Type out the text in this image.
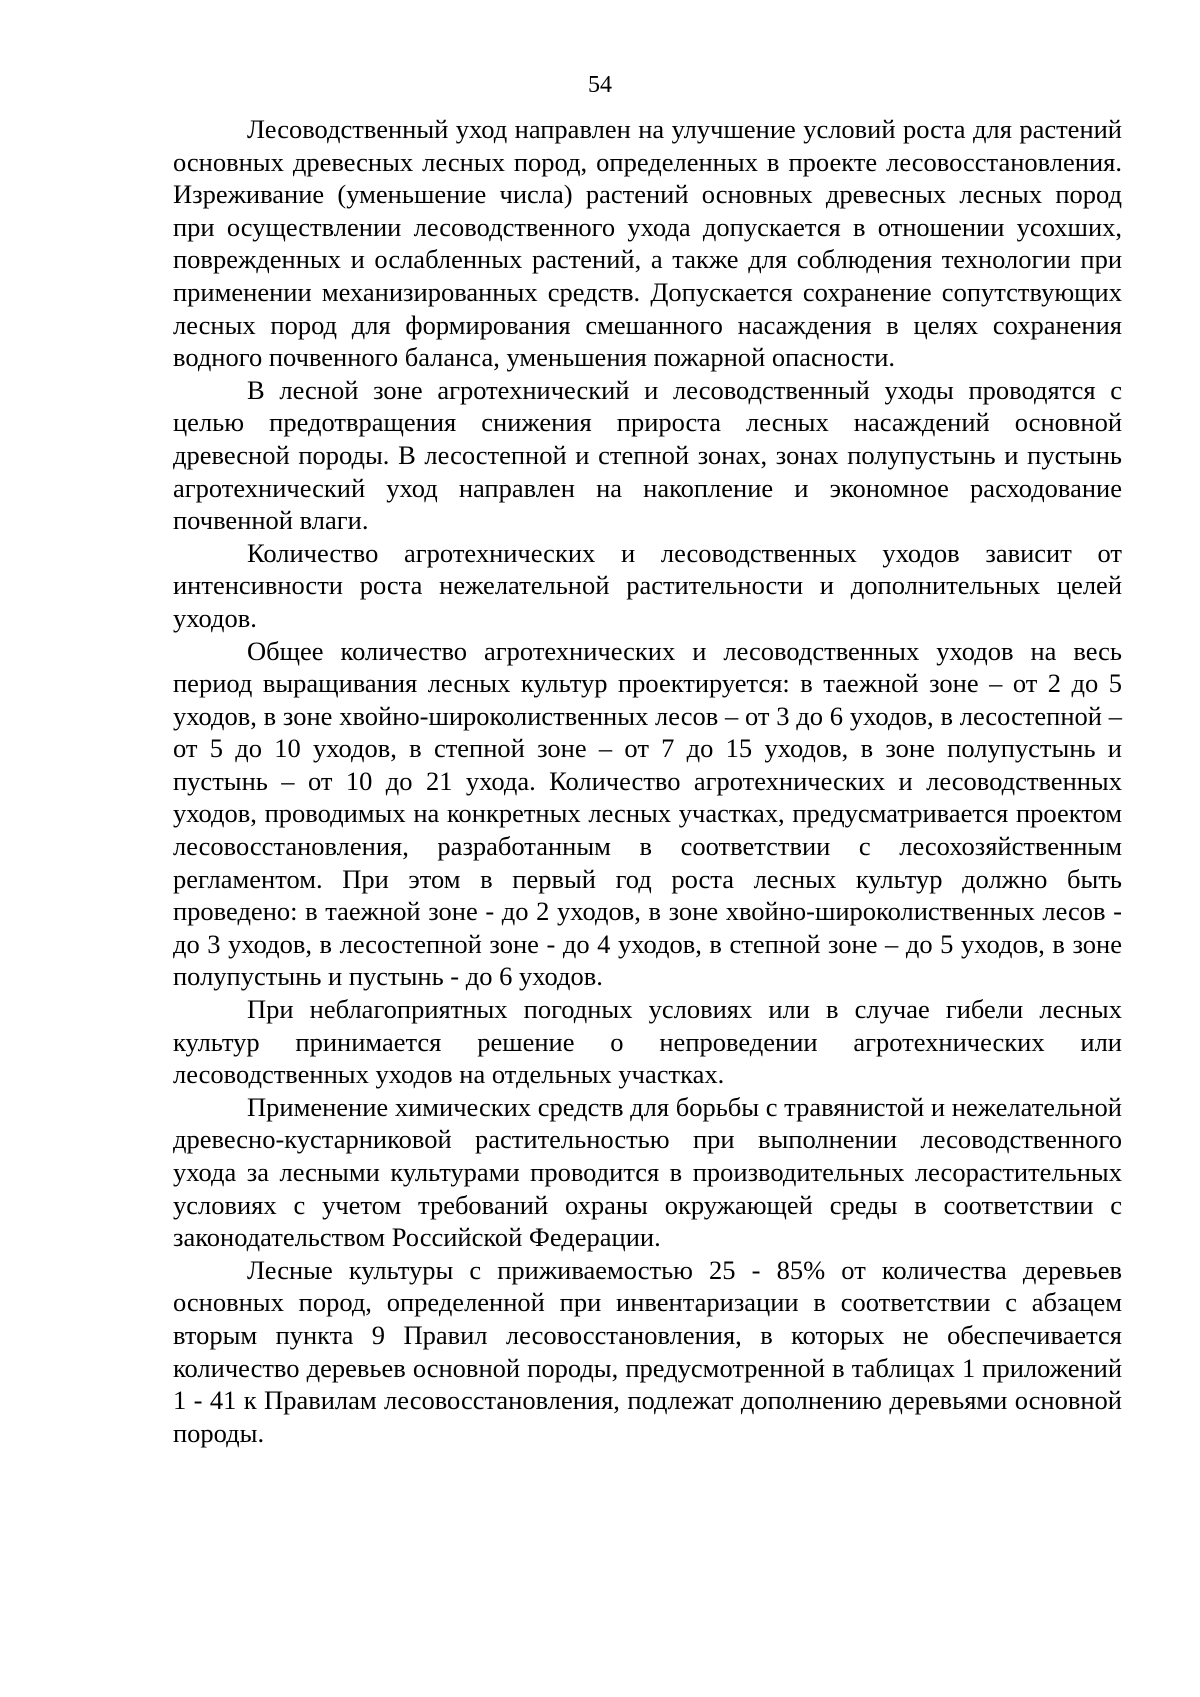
54

Лесоводственный уход направлен на улучшение условий роста для растений основных древесных лесных пород, определенных в проекте лесовосстановления. Изреживание (уменьшение числа) растений основных древесных лесных пород при осуществлении лесоводственного ухода допускается в отношении усохших, поврежденных и ослабленных растений, а также для соблюдения технологии при применении механизированных средств. Допускается сохранение сопутствующих лесных пород для формирования смешанного насаждения в целях сохранения водного почвенного баланса, уменьшения пожарной опасности.

В лесной зоне агротехнический и лесоводственный уходы проводятся с целью предотвращения снижения прироста лесных насаждений основной древесной породы. В лесостепной и степной зонах, зонах полупустынь и пустынь агротехнический уход направлен на накопление и экономное расходование почвенной влаги.

Количество агротехнических и лесоводственных уходов зависит от интенсивности роста нежелательной растительности и дополнительных целей уходов.

Общее количество агротехнических и лесоводственных уходов на весь период выращивания лесных культур проектируется: в таежной зоне – от 2 до 5 уходов, в зоне хвойно-широколиственных лесов – от 3 до 6 уходов, в лесостепной – от 5 до 10 уходов, в степной зоне – от 7 до 15 уходов, в зоне полупустынь и пустынь – от 10 до 21 ухода. Количество агротехнических и лесоводственных уходов, проводимых на конкретных лесных участках, предусматривается проектом лесовосстановления, разработанным в соответствии с лесохозяйственным регламентом. При этом в первый год роста лесных культур должно быть проведено: в таежной зоне - до 2 уходов, в зоне хвойно-широколиственных лесов - до 3 уходов, в лесостепной зоне - до 4 уходов, в степной зоне – до 5 уходов, в зоне полупустынь и пустынь - до 6 уходов.

При неблагоприятных погодных условиях или в случае гибели лесных культур принимается решение о непроведении агротехнических или лесоводственных уходов на отдельных участках.

Применение химических средств для борьбы с травянистой и нежелательной древесно-кустарниковой растительностью при выполнении лесоводственного ухода за лесными культурами проводится в производительных лесорастительных условиях с учетом требований охраны окружающей среды в соответствии с законодательством Российской Федерации.

Лесные культуры с приживаемостью 25 - 85% от количества деревьев основных пород, определенной при инвентаризации в соответствии с абзацем вторым пункта 9 Правил лесовосстановления, в которых не обеспечивается количество деревьев основной породы, предусмотренной в таблицах 1 приложений 1 - 41 к Правилам лесовосстановления, подлежат дополнению деревьями основной породы.
